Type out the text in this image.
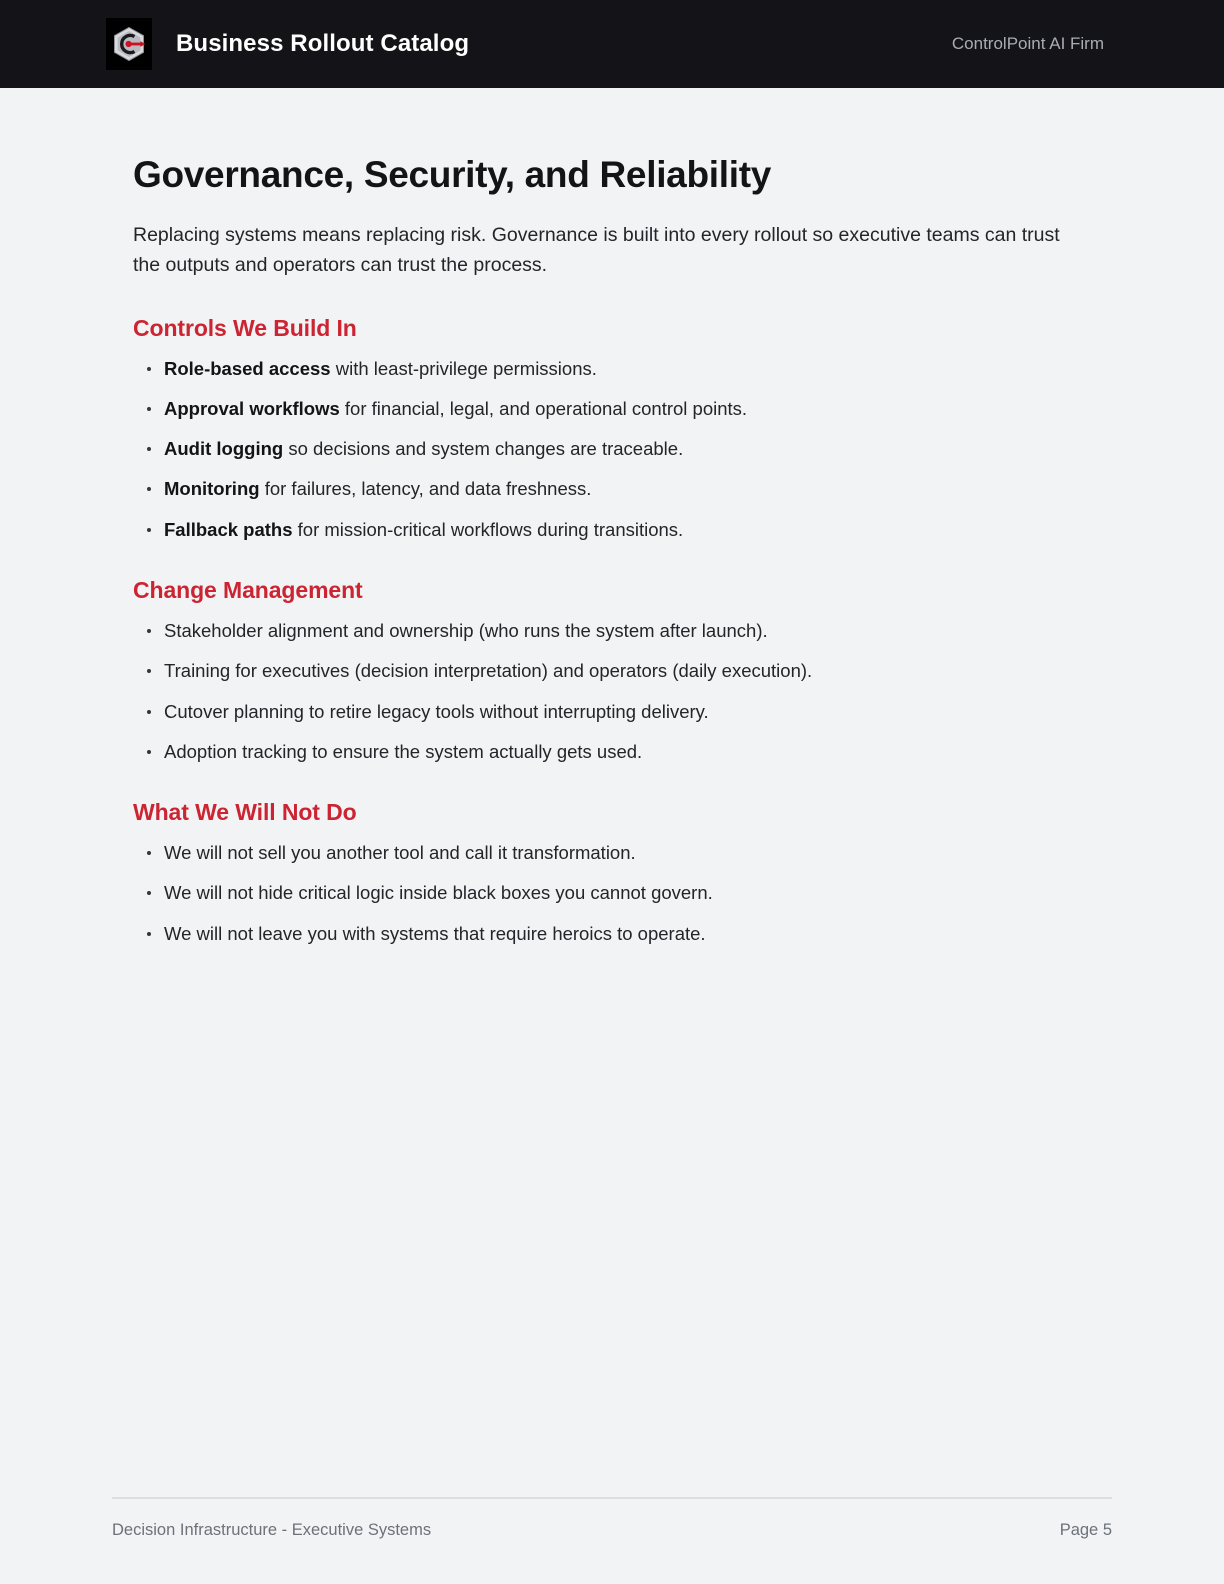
Business Rollout Catalog	ControlPoint AI Firm
Governance, Security, and Reliability

Replacing systems means replacing risk. Governance is built into every rollout so executive teams can trust the outputs and operators can trust the process.

Controls We Build In
Role-based access with least-privilege permissions.
Approval workflows for financial, legal, and operational control points.
Audit logging so decisions and system changes are traceable.
Monitoring for failures, latency, and data freshness.
Fallback paths for mission-critical workflows during transitions.
Change Management
Stakeholder alignment and ownership (who runs the system after launch).
Training for executives (decision interpretation) and operators (daily execution).
Cutover planning to retire legacy tools without interrupting delivery.
Adoption tracking to ensure the system actually gets used.
What We Will Not Do
We will not sell you another tool and call it transformation.
We will not hide critical logic inside black boxes you cannot govern.
We will not leave you with systems that require heroics to operate.
Decision Infrastructure - Executive Systems	Page 5
